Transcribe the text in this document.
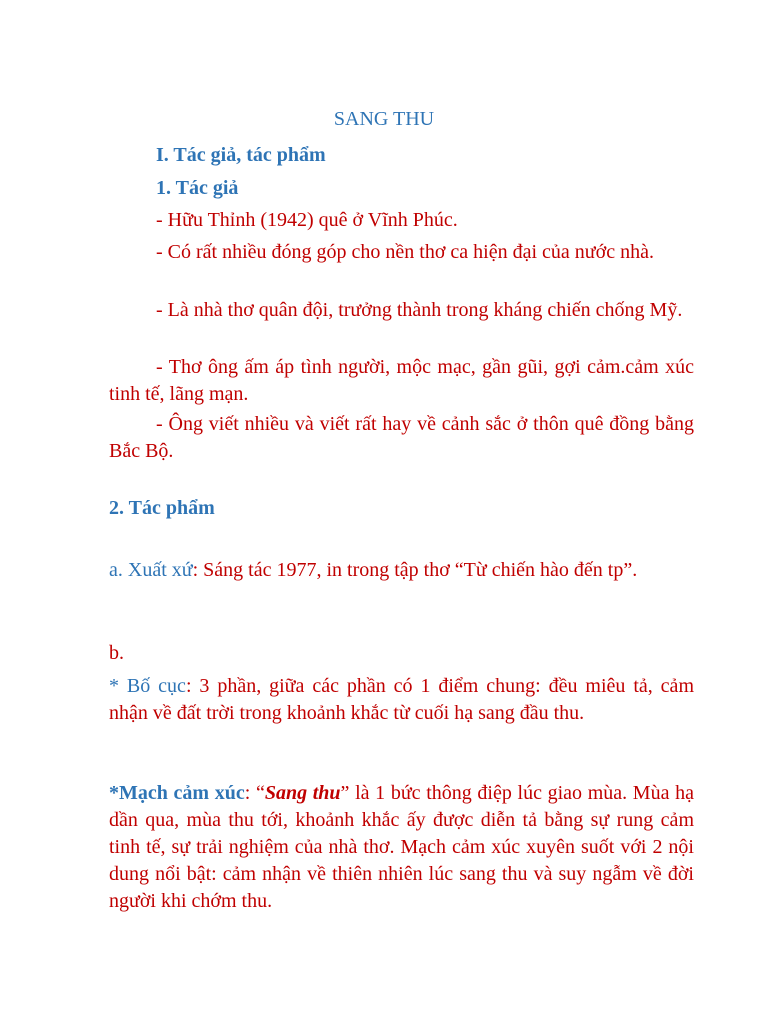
SANG THU
I. Tác giả, tác phẩm
1. Tác giả
- Hữu Thỉnh (1942) quê ở Vĩnh Phúc.
- Có rất nhiều đóng góp cho nền thơ ca hiện đại của nước nhà.
- Là nhà thơ quân đội, trưởng thành trong kháng chiến chống Mỹ.
- Thơ ông ấm áp tình người, mộc mạc, gần gũi, gợi cảm.cảm xúc tinh tế, lãng mạn.
- Ông viết nhiều và viết rất hay về cảnh sắc ở thôn quê đồng bằng Bắc Bộ.
2. Tác phẩm
a. Xuất xứ: Sáng tác 1977, in trong tập thơ “Từ chiến hào đến tp”.
b.
* Bố cục: 3 phần, giữa các phần có 1 điểm chung: đều miêu tả, cảm nhận về đất trời trong khoảnh khắc từ cuối hạ sang đầu thu.
*Mạch cảm xúc: “Sang thu” là 1 bức thông điệp lúc giao mùa. Mùa hạ dần qua, mùa thu tới, khoảnh khắc ấy được diễn tả bằng sự rung cảm tinh tế, sự trải nghiệm của nhà thơ. Mạch cảm xúc xuyên suốt với 2 nội dung nổi bật: cảm nhận về thiên nhiên lúc sang thu và suy ngẫm về đời người khi chớm thu.
